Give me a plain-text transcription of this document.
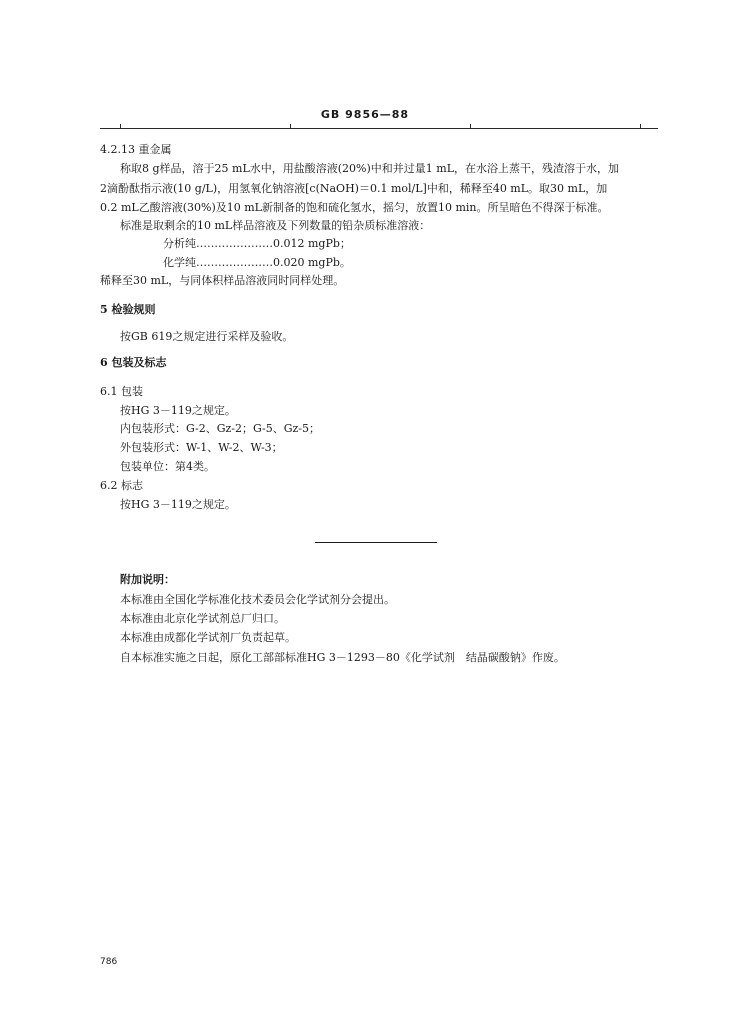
GB 9856—88
4.2.13 重金属
称取8 g样品，溶于25 mL水中，用盐酸溶液(20%)中和并过量1 mL，在水浴上蒸干，残渣溶于水，加
2滴酚酞指示液(10 g/L)，用氢氧化钠溶液[c(NaOH)＝0.1 mol/L]中和，稀释至40 mL。取30 mL，加
0.2 mL乙酸溶液(30%)及10 mL新制备的饱和硫化氢水，摇匀，放置10 min。所呈暗色不得深于标准。
标准是取剩余的10 mL样品溶液及下列数量的铅杂质标准溶液：
分析纯…………………0.012 mgPb；
化学纯…………………0.020 mgPb。
稀释至30 mL，与同体积样品溶液同时同样处理。
5 检验规则
按GB 619之规定进行采样及验收。
6 包装及标志
6.1 包装
按HG 3－119之规定。
内包装形式：G-2、Gz-2；G-5、Gz-5；
外包装形式：W-1、W-2、W-3；
包装单位：第4类。
6.2 标志
按HG 3－119之规定。
附加说明：
本标准由全国化学标准化技术委员会化学试剂分会提出。
本标准由北京化学试剂总厂归口。
本标准由成都化学试剂厂负责起草。
自本标准实施之日起，原化工部部标准HG 3－1293－80《化学试剂　结晶碳酸钠》作废。
786
